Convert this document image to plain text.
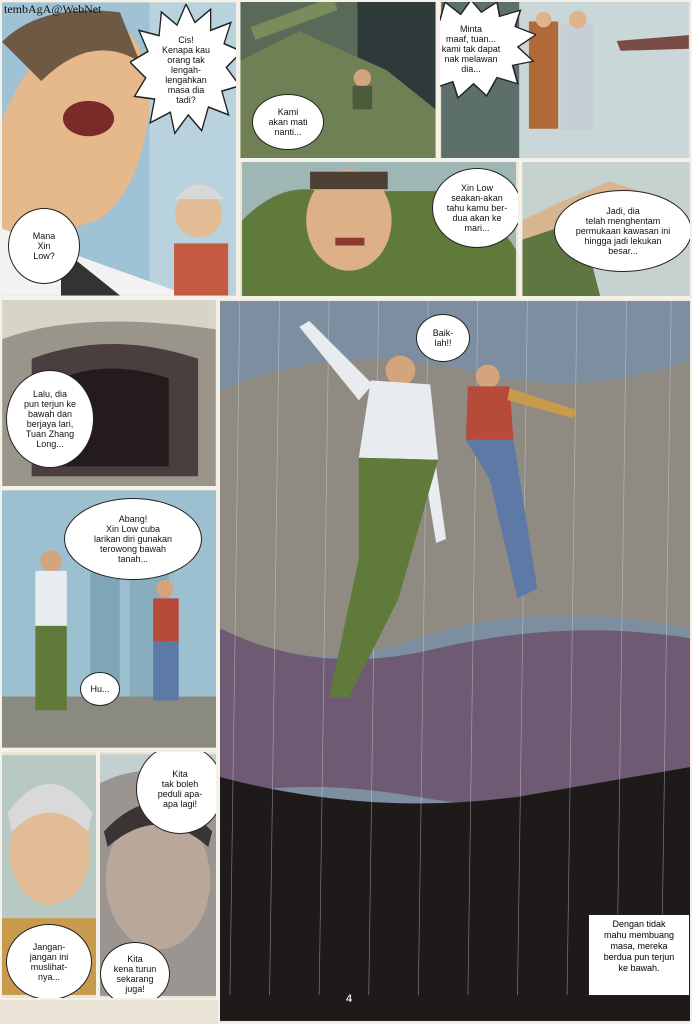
tembAgA@WebNet
Cis!
Kenapa kau
orang tak
lengah-
lengahkan
masa dia
tadi?
Mana
Xin
Low?
Kami
akan mati
nanti...
Minta
maaf, tuan...
kami tak dapat
nak melawan
dia...
Xin Low
seakan-akan
tahu kamu ber-
dua akan ke
mari...
Jadi, dia
telah menghentam
permukaan kawasan ini
hingga jadi lekukan
besar...
Lalu, dia
pun terjun ke
bawah dan
berjaya lari,
Tuan Zhang
Long...
Baik-
lah!!
Dengan tidak
mahu membuang
masa, mereka
berdua pun terjun
ke bawah.
Abang!
Xin Low cuba
larikan diri gunakan
terowong bawah
tanah...
Hu...
Jangan-
jangan ini
muslihat-
nya...
Kita
tak boleh
peduli apa-
apa lagi!
Kita
kena turun
sekarang
juga!
4
